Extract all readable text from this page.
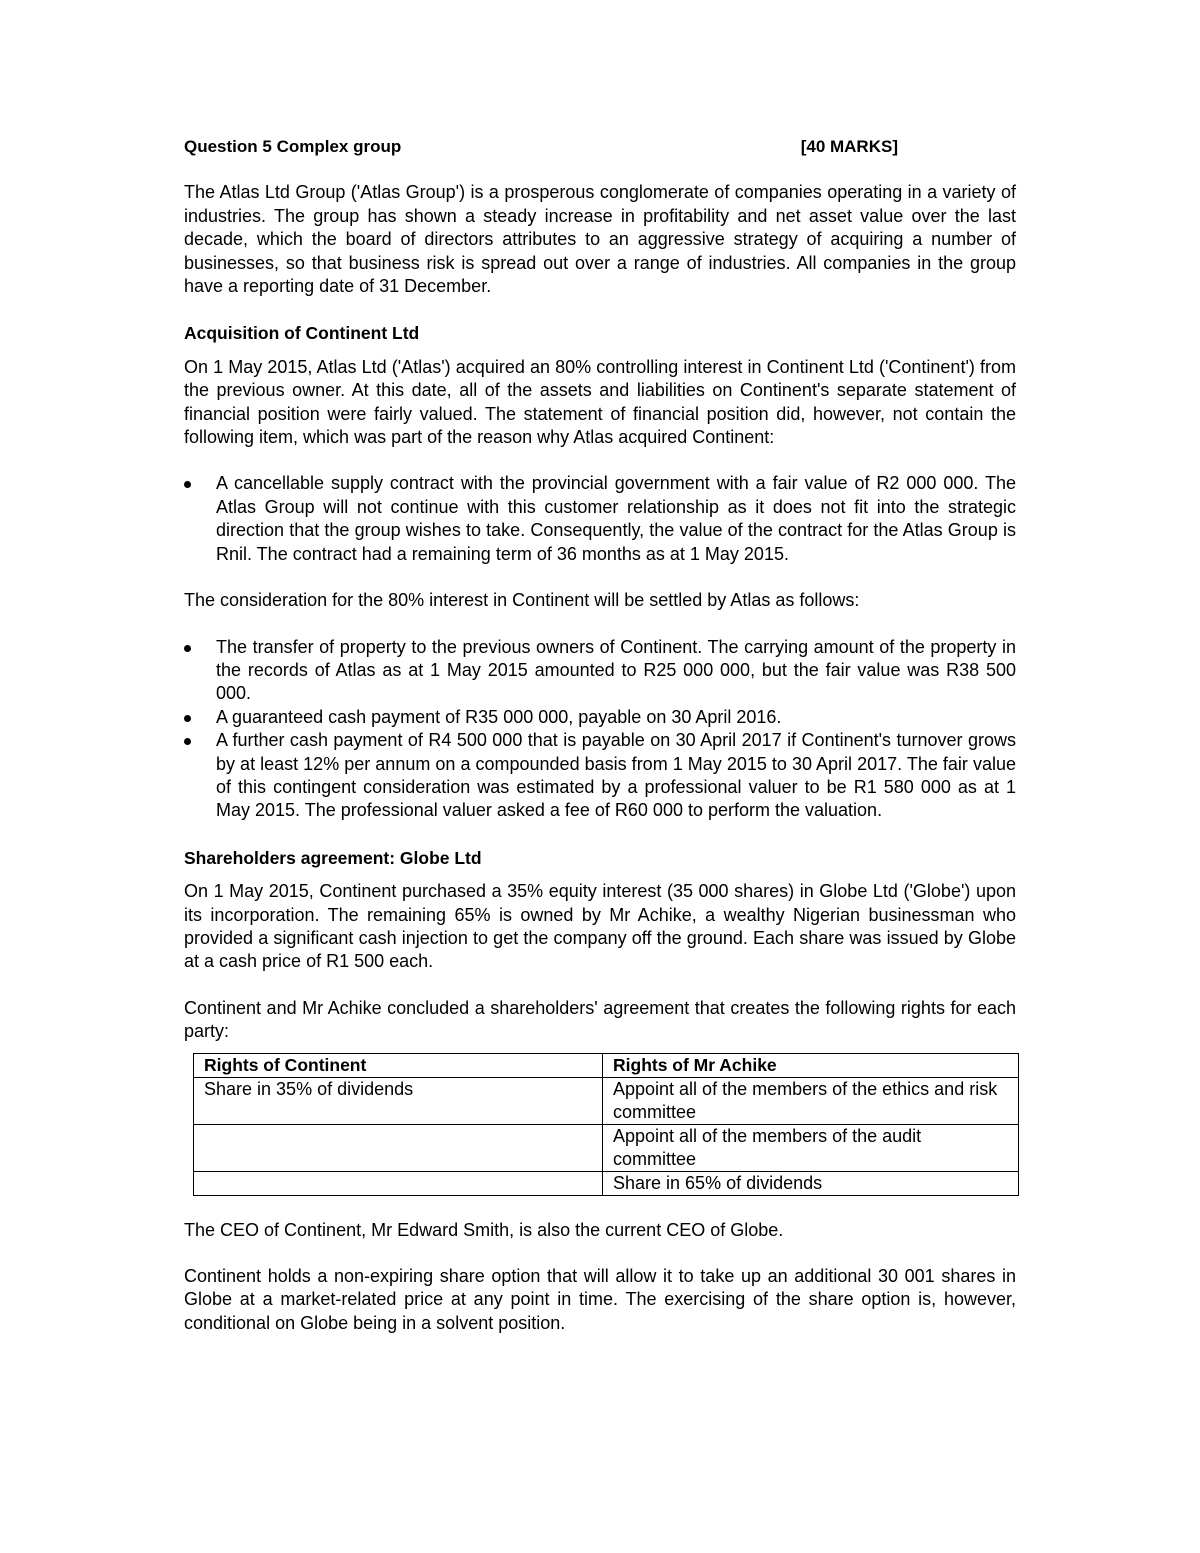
Question 5 Complex group	[40 MARKS]

The Atlas Ltd Group ('Atlas Group') is a prosperous conglomerate of companies operating in a variety of industries. The group has shown a steady increase in profitability and net asset value over the last decade, which the board of directors attributes to an aggressive strategy of acquiring a number of businesses, so that business risk is spread out over a range of industries. All companies in the group have a reporting date of 31 December.

Acquisition of Continent Ltd

On 1 May 2015, Atlas Ltd ('Atlas') acquired an 80% controlling interest in Continent Ltd ('Continent') from the previous owner. At this date, all of the assets and liabilities on Continent's separate statement of financial position were fairly valued. The statement of financial position did, however, not contain the following item, which was part of the reason why Atlas acquired Continent:

A cancellable supply contract with the provincial government with a fair value of R2 000 000. The Atlas Group will not continue with this customer relationship as it does not fit into the strategic direction that the group wishes to take. Consequently, the value of the contract for the Atlas Group is Rnil. The contract had a remaining term of 36 months as at 1 May 2015.

The consideration for the 80% interest in Continent will be settled by Atlas as follows:

The transfer of property to the previous owners of Continent. The carrying amount of the property in the records of Atlas as at 1 May 2015 amounted to R25 000 000, but the fair value was R38 500 000.
A guaranteed cash payment of R35 000 000, payable on 30 April 2016.
A further cash payment of R4 500 000 that is payable on 30 April 2017 if Continent's turnover grows by at least 12% per annum on a compounded basis from 1 May 2015 to 30 April 2017. The fair value of this contingent consideration was estimated by a professional valuer to be R1 580 000 as at 1 May 2015. The professional valuer asked a fee of R60 000 to perform the valuation.
Shareholders agreement: Globe Ltd

On 1 May 2015, Continent purchased a 35% equity interest (35 000 shares) in Globe Ltd ('Globe') upon its incorporation. The remaining 65% is owned by Mr Achike, a wealthy Nigerian businessman who provided a significant cash injection to get the company off the ground. Each share was issued by Globe at a cash price of R1 500 each.

Continent and Mr Achike concluded a shareholders' agreement that creates the following rights for each party:

Rights of Continent	Rights of Mr Achike
Share in 35% of dividends	Appoint all of the members of the ethics and risk committee
	Appoint all of the members of the audit committee
	Share in 65% of dividends

The CEO of Continent, Mr Edward Smith, is also the current CEO of Globe.

Continent holds a non-expiring share option that will allow it to take up an additional 30 001 shares in Globe at a market-related price at any point in time. The exercising of the share option is, however, conditional on Globe being in a solvent position.
